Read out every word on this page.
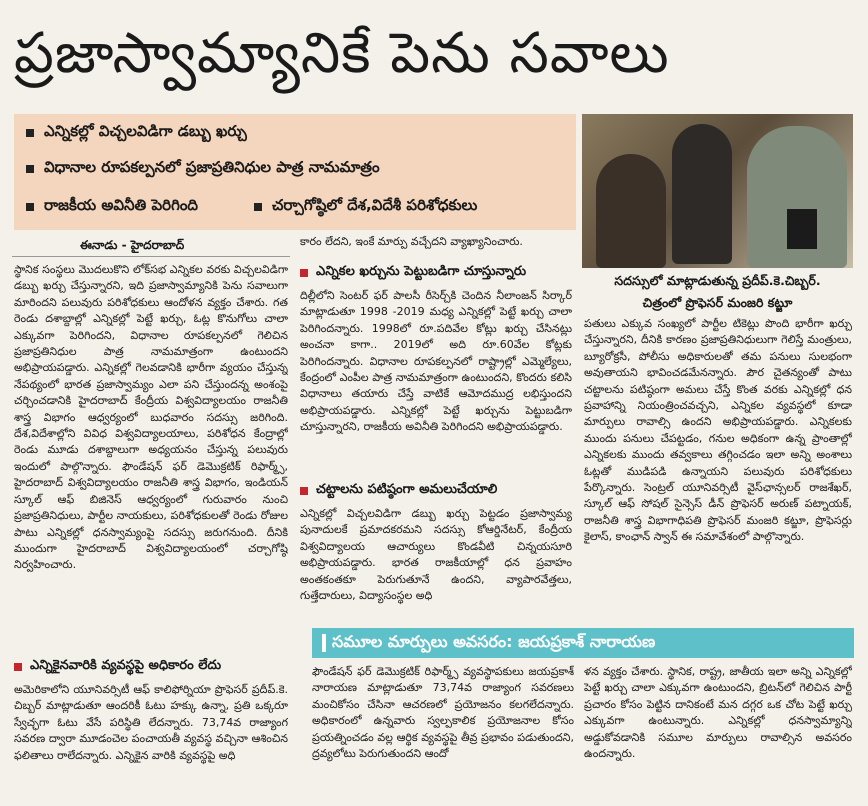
ప్రజాస్వామ్యానికే పెను సవాలు
ఎన్నికల్లో విచ్చలవిడిగా డబ్బు ఖర్చు
విధానాల రూపకల్పనలో ప్రజాప్రతినిధుల పాత్ర నామమాత్రం
రాజకీయ అవినీతి పెరిగింది	చర్చాగోష్ఠిలో దేశ,విదేశీ పరిశోధకులు
సదస్సులో మాట్లాడుతున్న ప్రదీప్.కె.చిబ్బర్.
చిత్రంలో ప్రొఫెసర్ మంజరి కట్జూ
ఈనాడు - హైదరాబాద్

స్థానిక సంస్థలు మొదలుకొని లోక్‌సభ ఎన్నికల వరకు విచ్చలవిడిగా డబ్బు ఖర్చు చేస్తున్నారని, ఇది ప్రజాస్వామ్యానికి పెను సవాలుగా మారిందని పలువురు పరిశోధకులు ఆందోళన వ్యక్తం చేశారు. గత రెండు దశాబ్దాల్లో ఎన్నికల్లో పెట్టే ఖర్చు, ఓట్ల కొనుగోలు చాలా ఎక్కువగా పెరిగిందని, విధానాల రూపకల్పనలో గెలిచిన ప్రజాప్రతినిధుల పాత్ర నామమాత్రంగా ఉంటుందని అభిప్రాయపడ్డారు. ఎన్నికల్లో గెలవడానికి భారీగా వ్యయం చేస్తున్న నేపథ్యంలో భారత ప్రజాస్వామ్యం ఎలా పని చేస్తుందన్న అంశంపై చర్చించడానికి హైదరాబాద్ కేంద్రీయ విశ్వవిద్యాలయం రాజనీతి శాస్త్ర విభాగం ఆధ్వర్యంలో బుధవారం సదస్సు జరిగింది. దేశ,విదేశాల్లోని వివిధ విశ్వవిద్యాలయాలు, పరిశోధన కేంద్రాల్లో రెండు మూడు దశాబ్దాలుగా అధ్యయనం చేస్తున్న పలువురు ఇందులో పాల్గొన్నారు. ఫౌండేషన్ ఫర్ డెమొక్రటిక్ రిఫార్మ్స్, హైదరాబాద్ విశ్వవిద్యాలయం రాజనీతి శాస్త్ర విభాగం, ఇండియన్ స్కూల్ ఆఫ్ బిజినెస్ ఆధ్వర్యంలో గురువారం నుంచి ప్రజాప్రతినిధులు, పార్టీల నాయకులు, పరిశోధకులతో రెండు రోజుల పాటు ఎన్నికల్లో ధనస్వామ్యంపై సదస్సు జరుగనుంది. దీనికి ముందుగా హైదరాబాద్ విశ్వవిద్యాలయంలో చర్చాగోష్ఠి నిర్వహించారు.

ఎన్నికైనవారికి వ్యవస్థపై అధికారం లేదు

అమెరికాలోని యూనివర్సిటీ ఆఫ్ కాలిఫోర్నియా ప్రొఫెసర్ ప్రదీప్.కె. చిబ్బర్ మాట్లాడుతూ ఆందరికీ ఓటు హక్కు ఉన్నా, ప్రతి ఒక్కరూ స్వేచ్ఛగా ఓటు వేసే పరిస్థితి లేదన్నారు. 73,74వ రాజ్యాంగ సవరణ ద్వారా మూడంచెల పంచాయతీ వ్యవస్థ వచ్చినా ఆశించిన ఫలితాలు రాలేదన్నారు. ఎన్నికైన వారికి వ్యవస్థపై అధి

కారం లేదని, ఇంకే మార్పు వచ్చేదని వ్యాఖ్యానించారు.

ఎన్నికల ఖర్చును పెట్టుబడిగా చూస్తున్నారు

దిల్లీలోని సెంటర్ ఫర్ పాలసీ రీసెర్చ్‌కి చెందిన నీలాంజన్ సిర్కార్ మాట్లాడుతూ 1998 -2019 మధ్య ఎన్నికల్లో పెట్టే ఖర్చు చాలా పెరిగిందన్నారు. 1998లో రూ.పదివేల కోట్లు ఖర్చు చేసినట్లు అంచనా కాగా.. 2019లో అది రూ.60వేల కోట్లకు పెరిగిందన్నారు. విధానాల రూపకల్పనలో రాష్ట్రాల్లో ఎమ్మెల్యేలు, కేంద్రంలో ఎంపీల పాత్ర నామమాత్రంగా ఉంటుందని, కొందరు కలిసి విధానాలు తయారు చేస్తే వాటికే ఆమోదముద్ర లభిస్తుందని అభిప్రాయపడ్డారు. ఎన్నికల్లో పెట్టే ఖర్చును పెట్టుబడిగా చూస్తున్నారని, రాజకీయ అవినీతి పెరిగిందని అభిప్రాయపడ్డారు.

చట్టాలను పటిష్ఠంగా అమలుచేయాలి

ఎన్నికల్లో విచ్చలవిడిగా డబ్బు ఖర్చు పెట్టడం ప్రజాస్వామ్య పునాదులకే ప్రమాదకరమని సదస్సు కోఆర్డినేటర్, కేంద్రీయ విశ్వవిద్యాలయ ఆచార్యులు కొండవీటి చిన్నయసూరి అభిప్రాయపడ్డారు. భారత రాజకీయాల్లో ధన ప్రవాహం అంతకంతకూ పెరుగుతూనే ఉందని, వ్యాపారవేత్తలు, గుత్తేదారులు, విద్యాసంస్థల అధి

పతులు ఎక్కువ సంఖ్యలో పార్టీల టికెట్లు పొంది భారీగా ఖర్చు చేస్తున్నారని, దీనికి కారణం ప్రజాప్రతినిధులుగా గెలిస్తే మంత్రులు, బ్యూరోక్రసీ, పోలీసు అధికారులతో తమ పనులు సులభంగా అవుతాయని భావించడమేనన్నారు. పౌర చైతన్యంతో పాటు చట్టాలను పటిష్ఠంగా అమలు చేస్తే కొంత వరకు ఎన్నికల్లో ధన ప్రవాహాన్ని నియంత్రించవచ్చని, ఎన్నికల వ్యవస్థలో కూడా మార్పులు రావాల్సి ఉందని అభిప్రాయపడ్డారు. ఎన్నికలకు ముందు పనులు చేపట్టడం, గనుల అధికంగా ఉన్న ప్రాంతాల్లో ఎన్నికలకు ముందు తవ్వకాలు తగ్గించడం ఇలా అన్ని అంశాలు ఓట్లతో ముడిపడి ఉన్నాయని పలువురు పరిశోధకులు పేర్కొన్నారు. సెంట్రల్ యూనివర్సిటీ వైస్‌ఛాన్సలర్ రాజశేఖర్, స్కూల్ ఆఫ్ సోషల్ సైన్సెస్ డీన్ ప్రొఫెసర్ అరుణ్ పట్నాయక్, రాజనీతి శాస్త్ర విభాగాధిపతి ప్రొఫెసర్ మంజరి కట్జూ, ప్రొఫెసర్లు కైలాస్, కాంఛాన్ స్వాన్ ఈ సమావేశంలో పాల్గొన్నారు.

సమూల మార్పులు అవసరం: జయప్రకాశ్ నారాయణ

ఫౌండేషన్ ఫర్ డెమొక్రటిక్ రిఫార్మ్స్ వ్యవస్థాపకులు జయప్రకాశ్ నారాయణ మాట్లాడుతూ 73,74వ రాజ్యాంగ సవరణలు మంచికోసం చేసినా ఆచరణలో ప్రయోజనం కలగలేదన్నారు. అధికారంలో ఉన్నవారు స్వల్పకాలిక ప్రయోజనాల కోసం ప్రయత్నించడం వల్ల ఆర్థిక వ్యవస్థపై తీవ్ర ప్రభావం పడుతుందని, ద్రవ్యలోటు పెరుగుతుందని ఆందో

ళన వ్యక్తం చేశారు. స్థానిక, రాష్ట్ర, జాతీయ ఇలా అన్ని ఎన్నికల్లో పెట్టే ఖర్చు చాలా ఎక్కువగా ఉంటుందని, బ్రిటన్‌లో గెలిచిన పార్టీ ప్రచారం కోసం పెట్టిన దానికంటే మన దగ్గర ఒక చోట పెట్టే ఖర్చు ఎక్కువగా ఉంటున్నారు. ఎన్నికల్లో ధనస్వామ్యాన్ని అడ్డుకోవడానికి సమూల మార్పులు రావాల్సిన అవసరం ఉందన్నారు.
